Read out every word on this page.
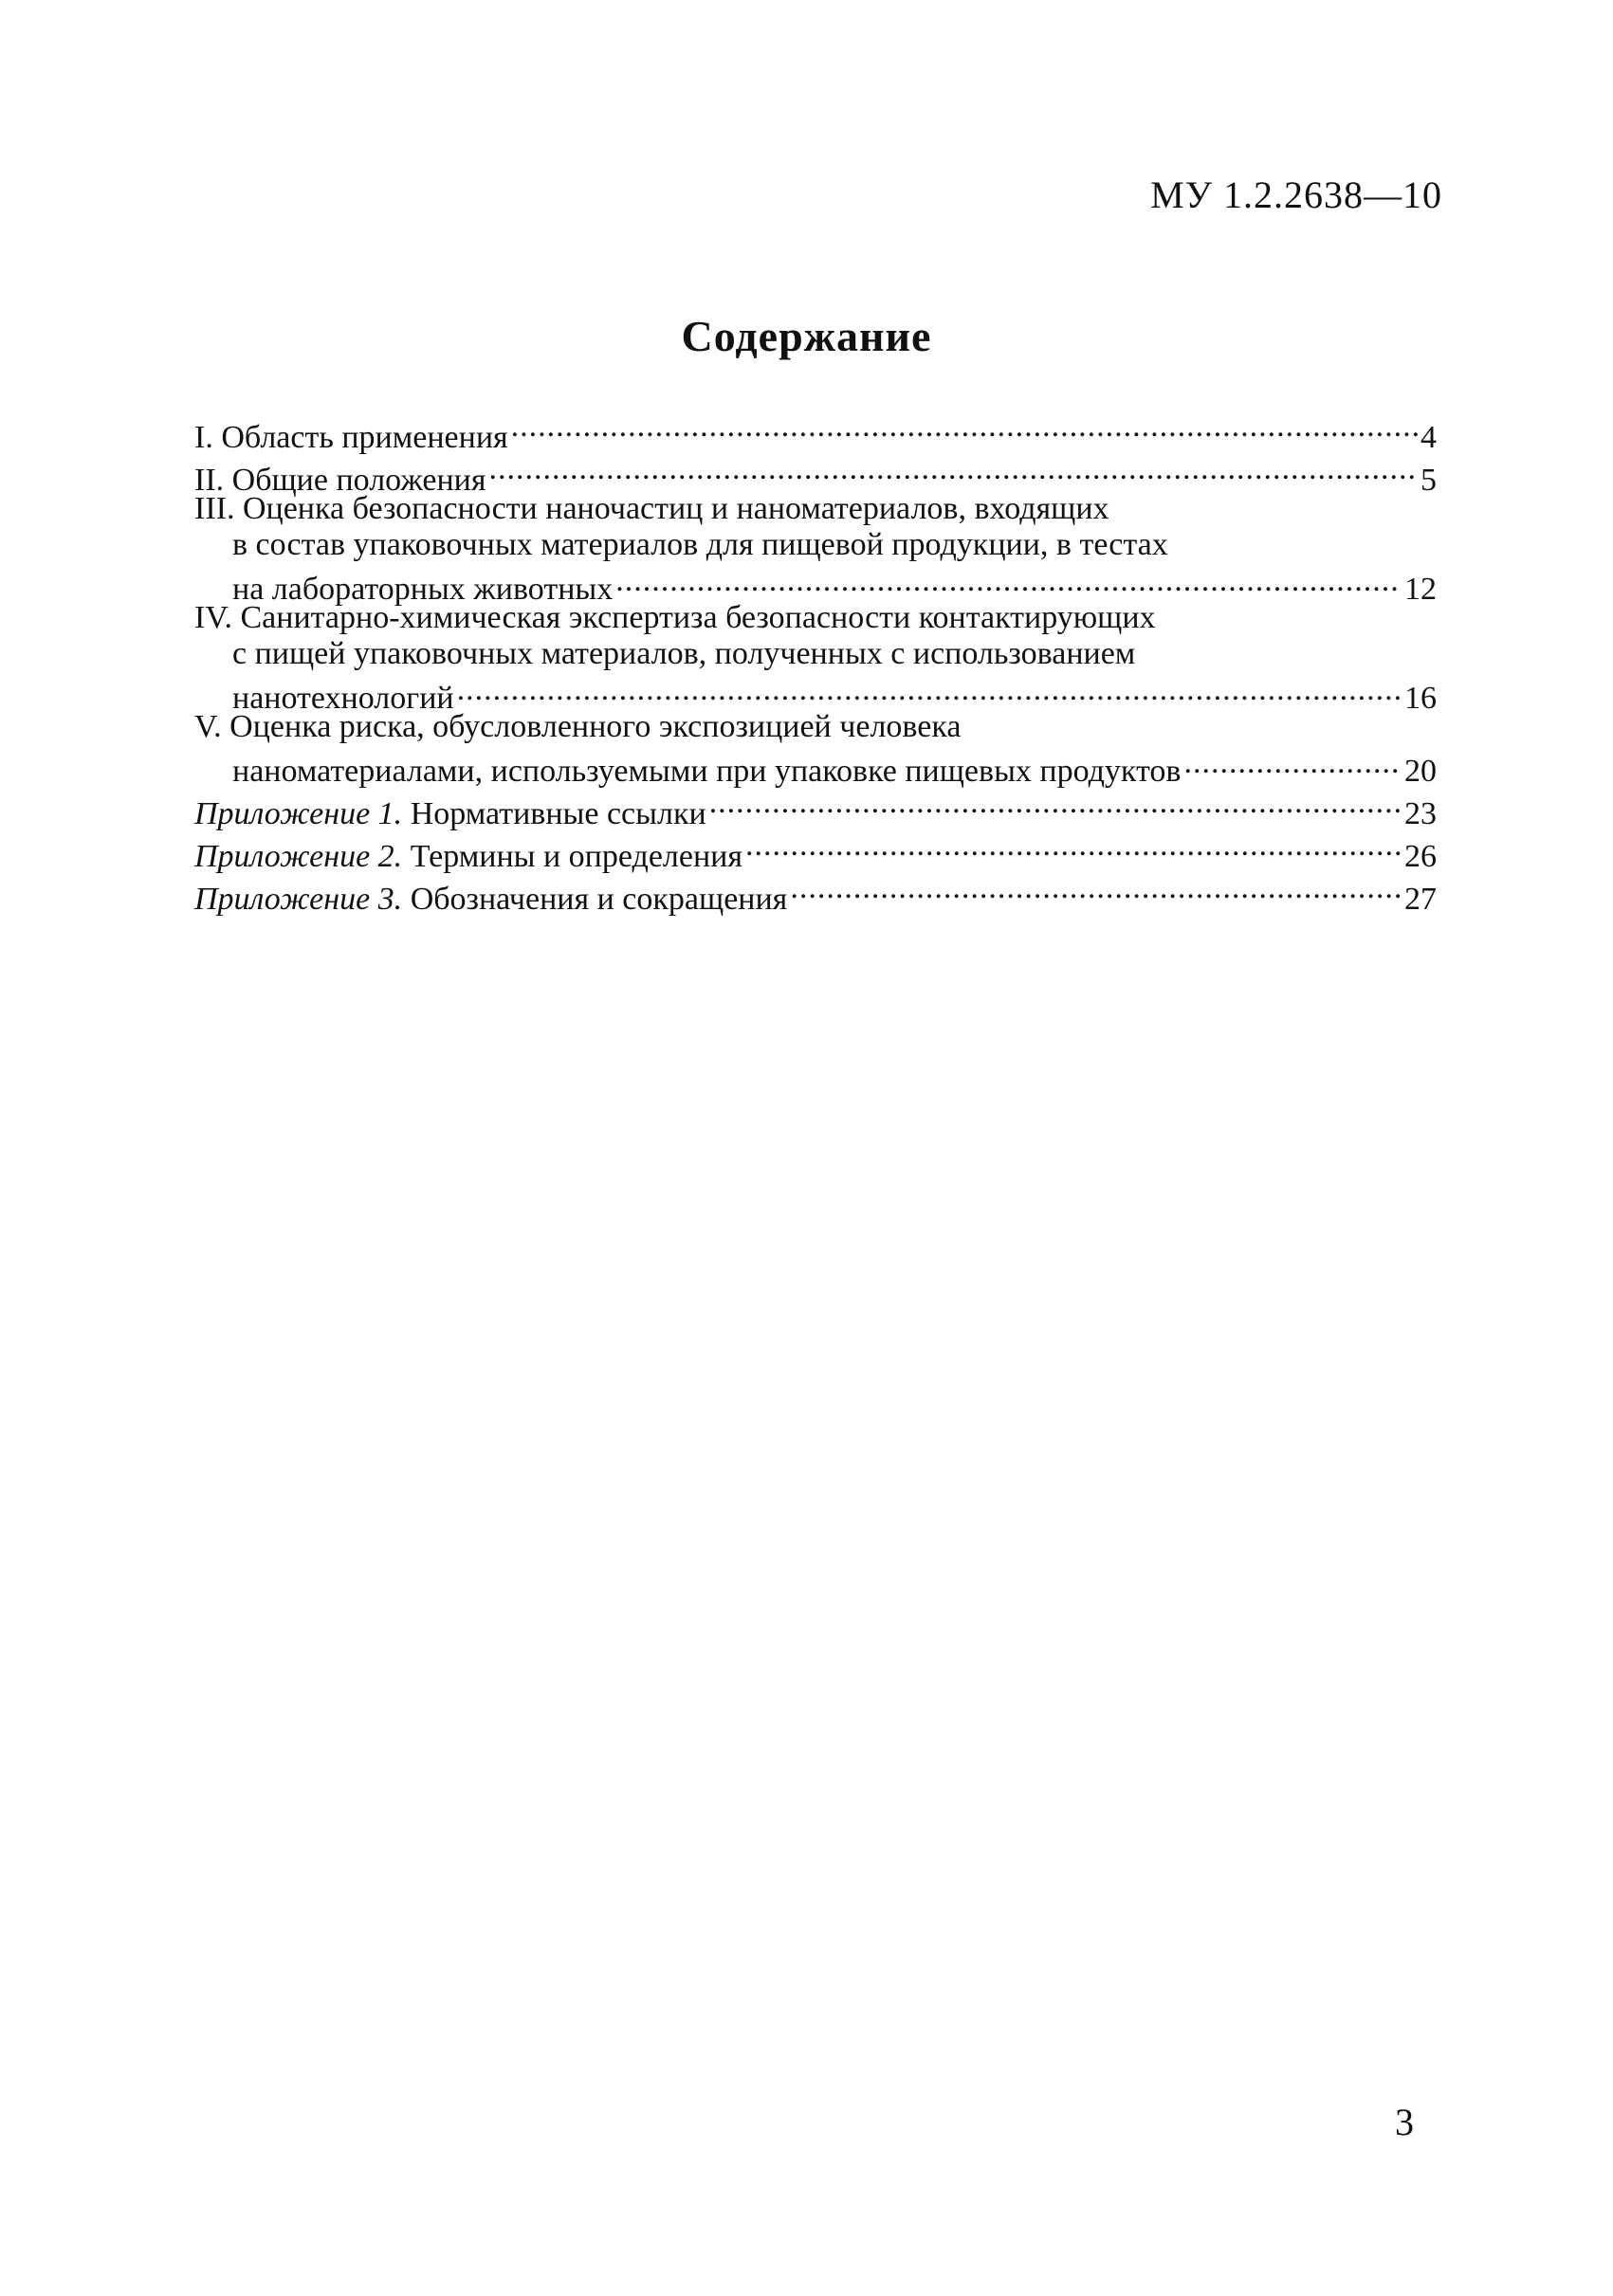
МУ 1.2.2638—10
Содержание
I. Область применения .....	4
II. Общие положения .....	5
III. Оценка безопасности наночастиц и наноматериалов, входящих
в состав упаковочных материалов для пищевой продукции, в тестах
на лабораторных животных .....	12
IV. Санитарно-химическая экспертиза безопасности контактирующих
с пищей упаковочных материалов, полученных с использованием
нанотехнологий .....	16
V. Оценка риска, обусловленного экспозицией человека
наноматериалами, используемыми при упаковке пищевых продуктов .....	20
Приложение 1. Нормативные ссылки .....	23
Приложение 2. Термины и определения .....	26
Приложение 3. Обозначения и сокращения .....	27
3
